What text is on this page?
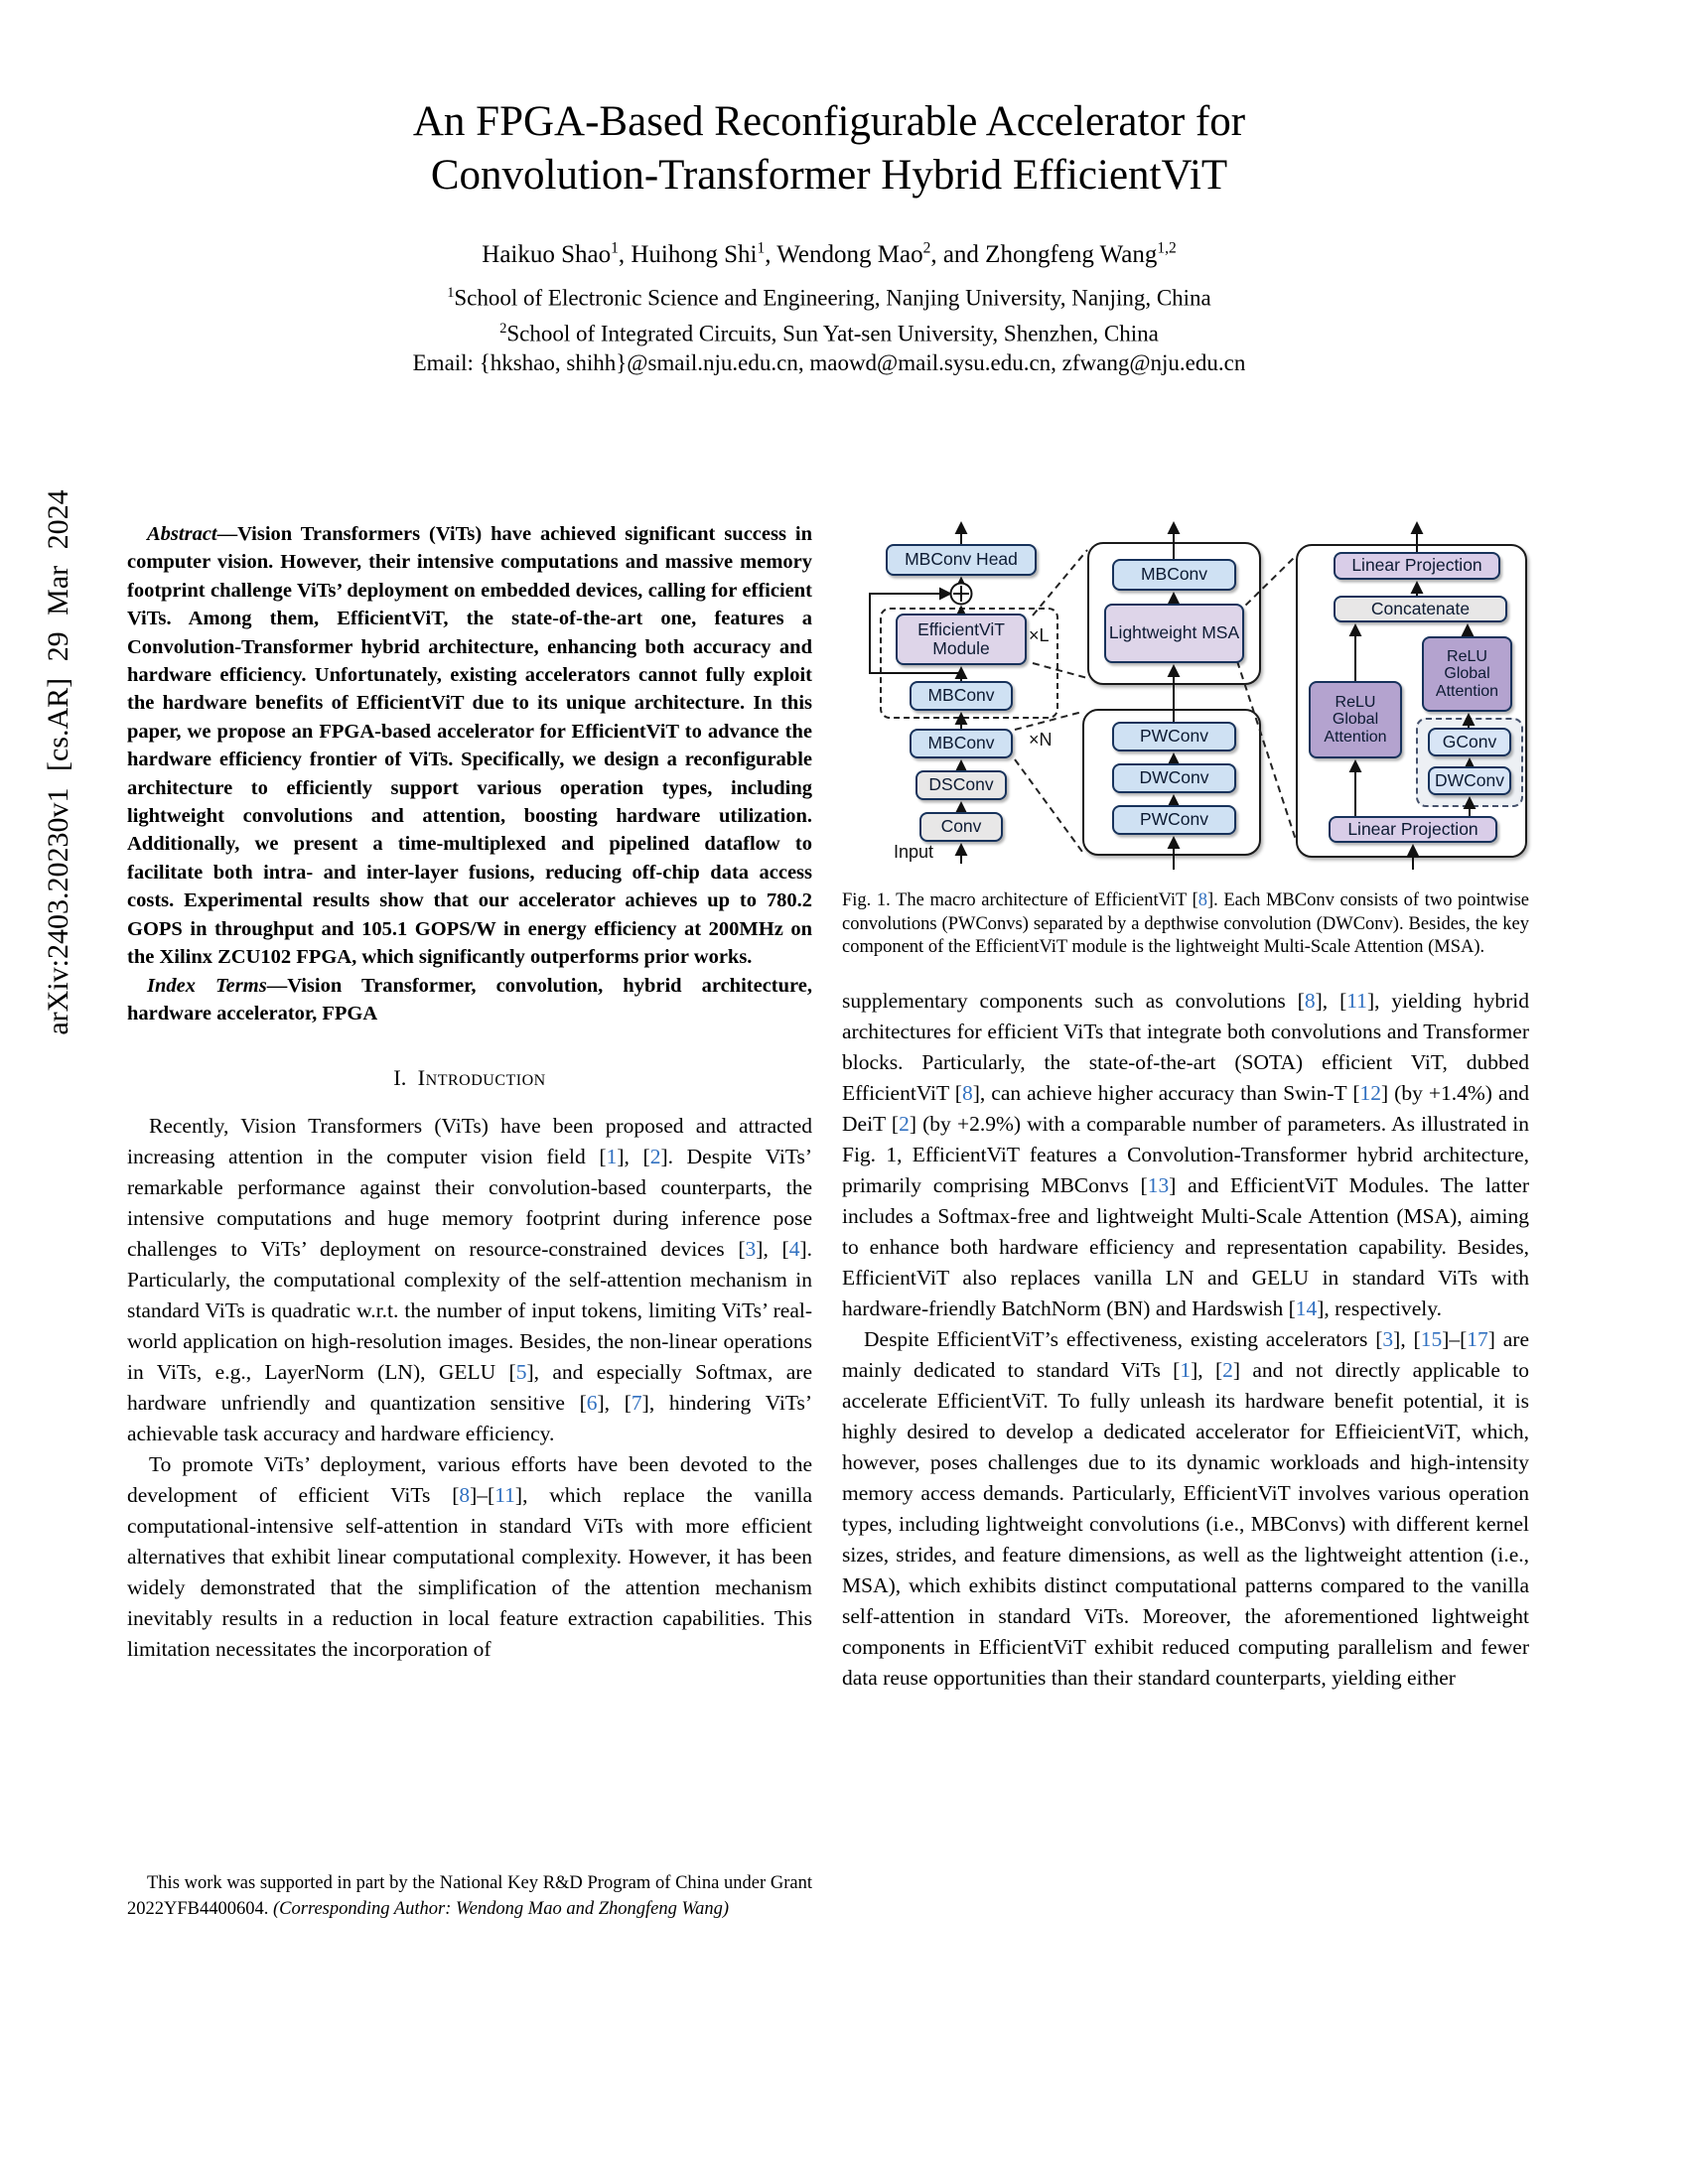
arXiv:2403.20230v1 [cs.AR] 29 Mar 2024
An FPGA-Based Reconfigurable Accelerator for
Convolution-Transformer Hybrid EfficientViT
Haikuo Shao$^1$, Huihong Shi$^1$, Wendong Mao$^2$, and Zhongfeng Wang$^{1,2}$
$^1$School of Electronic Science and Engineering, Nanjing University, Nanjing, China
$^2$School of Integrated Circuits, Sun Yat-sen University, Shenzhen, China
Email: {hkshao, shihh}@smail.nju.edu.cn, maowd@mail.sysu.edu.cn, zfwang@nju.edu.cn

Abstract—Vision Transformers (ViTs) have achieved significant success in computer vision. However, their intensive computations and massive memory footprint challenge ViTs’ deployment on embedded devices, calling for efficient ViTs. Among them, EfficientViT, the state-of-the-art one, features a Convolution-Transformer hybrid architecture, enhancing both accuracy and hardware efficiency. Unfortunately, existing accelerators cannot fully exploit the hardware benefits of EfficientViT due to its unique architecture. In this paper, we propose an FPGA-based accelerator for EfficientViT to advance the hardware efficiency frontier of ViTs. Specifically, we design a reconfigurable architecture to efficiently support various operation types, including lightweight convolutions and attention, boosting hardware utilization. Additionally, we present a time-multiplexed and pipelined dataflow to facilitate both intra- and inter-layer fusions, reducing off-chip data access costs. Experimental results show that our accelerator achieves up to 780.2 GOPS in throughput and 105.1 GOPS/W in energy efficiency at 200MHz on the Xilinx ZCU102 FPGA, which significantly outperforms prior works.

Index Terms—Vision Transformer, convolution, hybrid architecture, hardware accelerator, FPGA

I. Introduction

Recently, Vision Transformers (ViTs) have been proposed and attracted increasing attention in the computer vision field [1], [2]. Despite ViTs’ remarkable performance against their convolution-based counterparts, the intensive computations and huge memory footprint during inference pose challenges to ViTs’ deployment on resource-constrained devices [3], [4]. Particularly, the computational complexity of the self-attention mechanism in standard ViTs is quadratic w.r.t. the number of input tokens, limiting ViTs’ real-world application on high-resolution images. Besides, the non-linear operations in ViTs, e.g., LayerNorm (LN), GELU [5], and especially Softmax, are hardware unfriendly and quantization sensitive [6], [7], hindering ViTs’ achievable task accuracy and hardware efficiency.

To promote ViTs’ deployment, various efforts have been devoted to the development of efficient ViTs [8]–[11], which replace the vanilla computational-intensive self-attention in standard ViTs with more efficient alternatives that exhibit linear computational complexity. However, it has been widely demonstrated that the simplification of the attention mechanism inevitably results in a reduction in local feature extraction capabilities. This limitation necessitates the incorporation of

This work was supported in part by the National Key R&D Program of China under Grant 2022YFB4400604. (Corresponding Author: Wendong Mao and Zhongfeng Wang)
MBConv Head
EfficientViT Module
MBConv
MBConv
DSConv
Conv
MBConv
Lightweight MSA
PWConv
DWConv
PWConv
Linear Projection
Concatenate
ReLU Global Attention
ReLU Global Attention
GConv
DWConv
Linear Projection
×L
×N
Input

Fig. 1. The macro architecture of EfficientViT [8]. Each MBConv consists of two pointwise convolutions (PWConvs) separated by a depthwise convolution (DWConv). Besides, the key component of the EfficientViT module is the lightweight Multi-Scale Attention (MSA).

supplementary components such as convolutions [8], [11], yielding hybrid architectures for efficient ViTs that integrate both convolutions and Transformer blocks. Particularly, the state-of-the-art (SOTA) efficient ViT, dubbed EfficientViT [8], can achieve higher accuracy than Swin-T [12] (by +1.4%) and DeiT [2] (by +2.9%) with a comparable number of parameters. As illustrated in Fig. 1, EfficientViT features a Convolution-Transformer hybrid architecture, primarily comprising MBConvs [13] and EfficientViT Modules. The latter includes a Softmax-free and lightweight Multi-Scale Attention (MSA), aiming to enhance both hardware efficiency and representation capability. Besides, EfficientViT also replaces vanilla LN and GELU in standard ViTs with hardware-friendly BatchNorm (BN) and Hardswish [14], respectively.

Despite EfficientViT’s effectiveness, existing accelerators [3], [15]–[17] are mainly dedicated to standard ViTs [1], [2] and not directly applicable to accelerate EfficientViT. To fully unleash its hardware benefit potential, it is highly desired to develop a dedicated accelerator for EffieicientViT, which, however, poses challenges due to its dynamic workloads and high-intensity memory access demands. Particularly, EfficientViT involves various operation types, including lightweight convolutions (i.e., MBConvs) with different kernel sizes, strides, and feature dimensions, as well as the lightweight attention (i.e., MSA), which exhibits distinct computational patterns compared to the vanilla self-attention in standard ViTs. Moreover, the aforementioned lightweight components in EfficientViT exhibit reduced computing parallelism and fewer data reuse opportunities than their standard counterparts, yielding either
